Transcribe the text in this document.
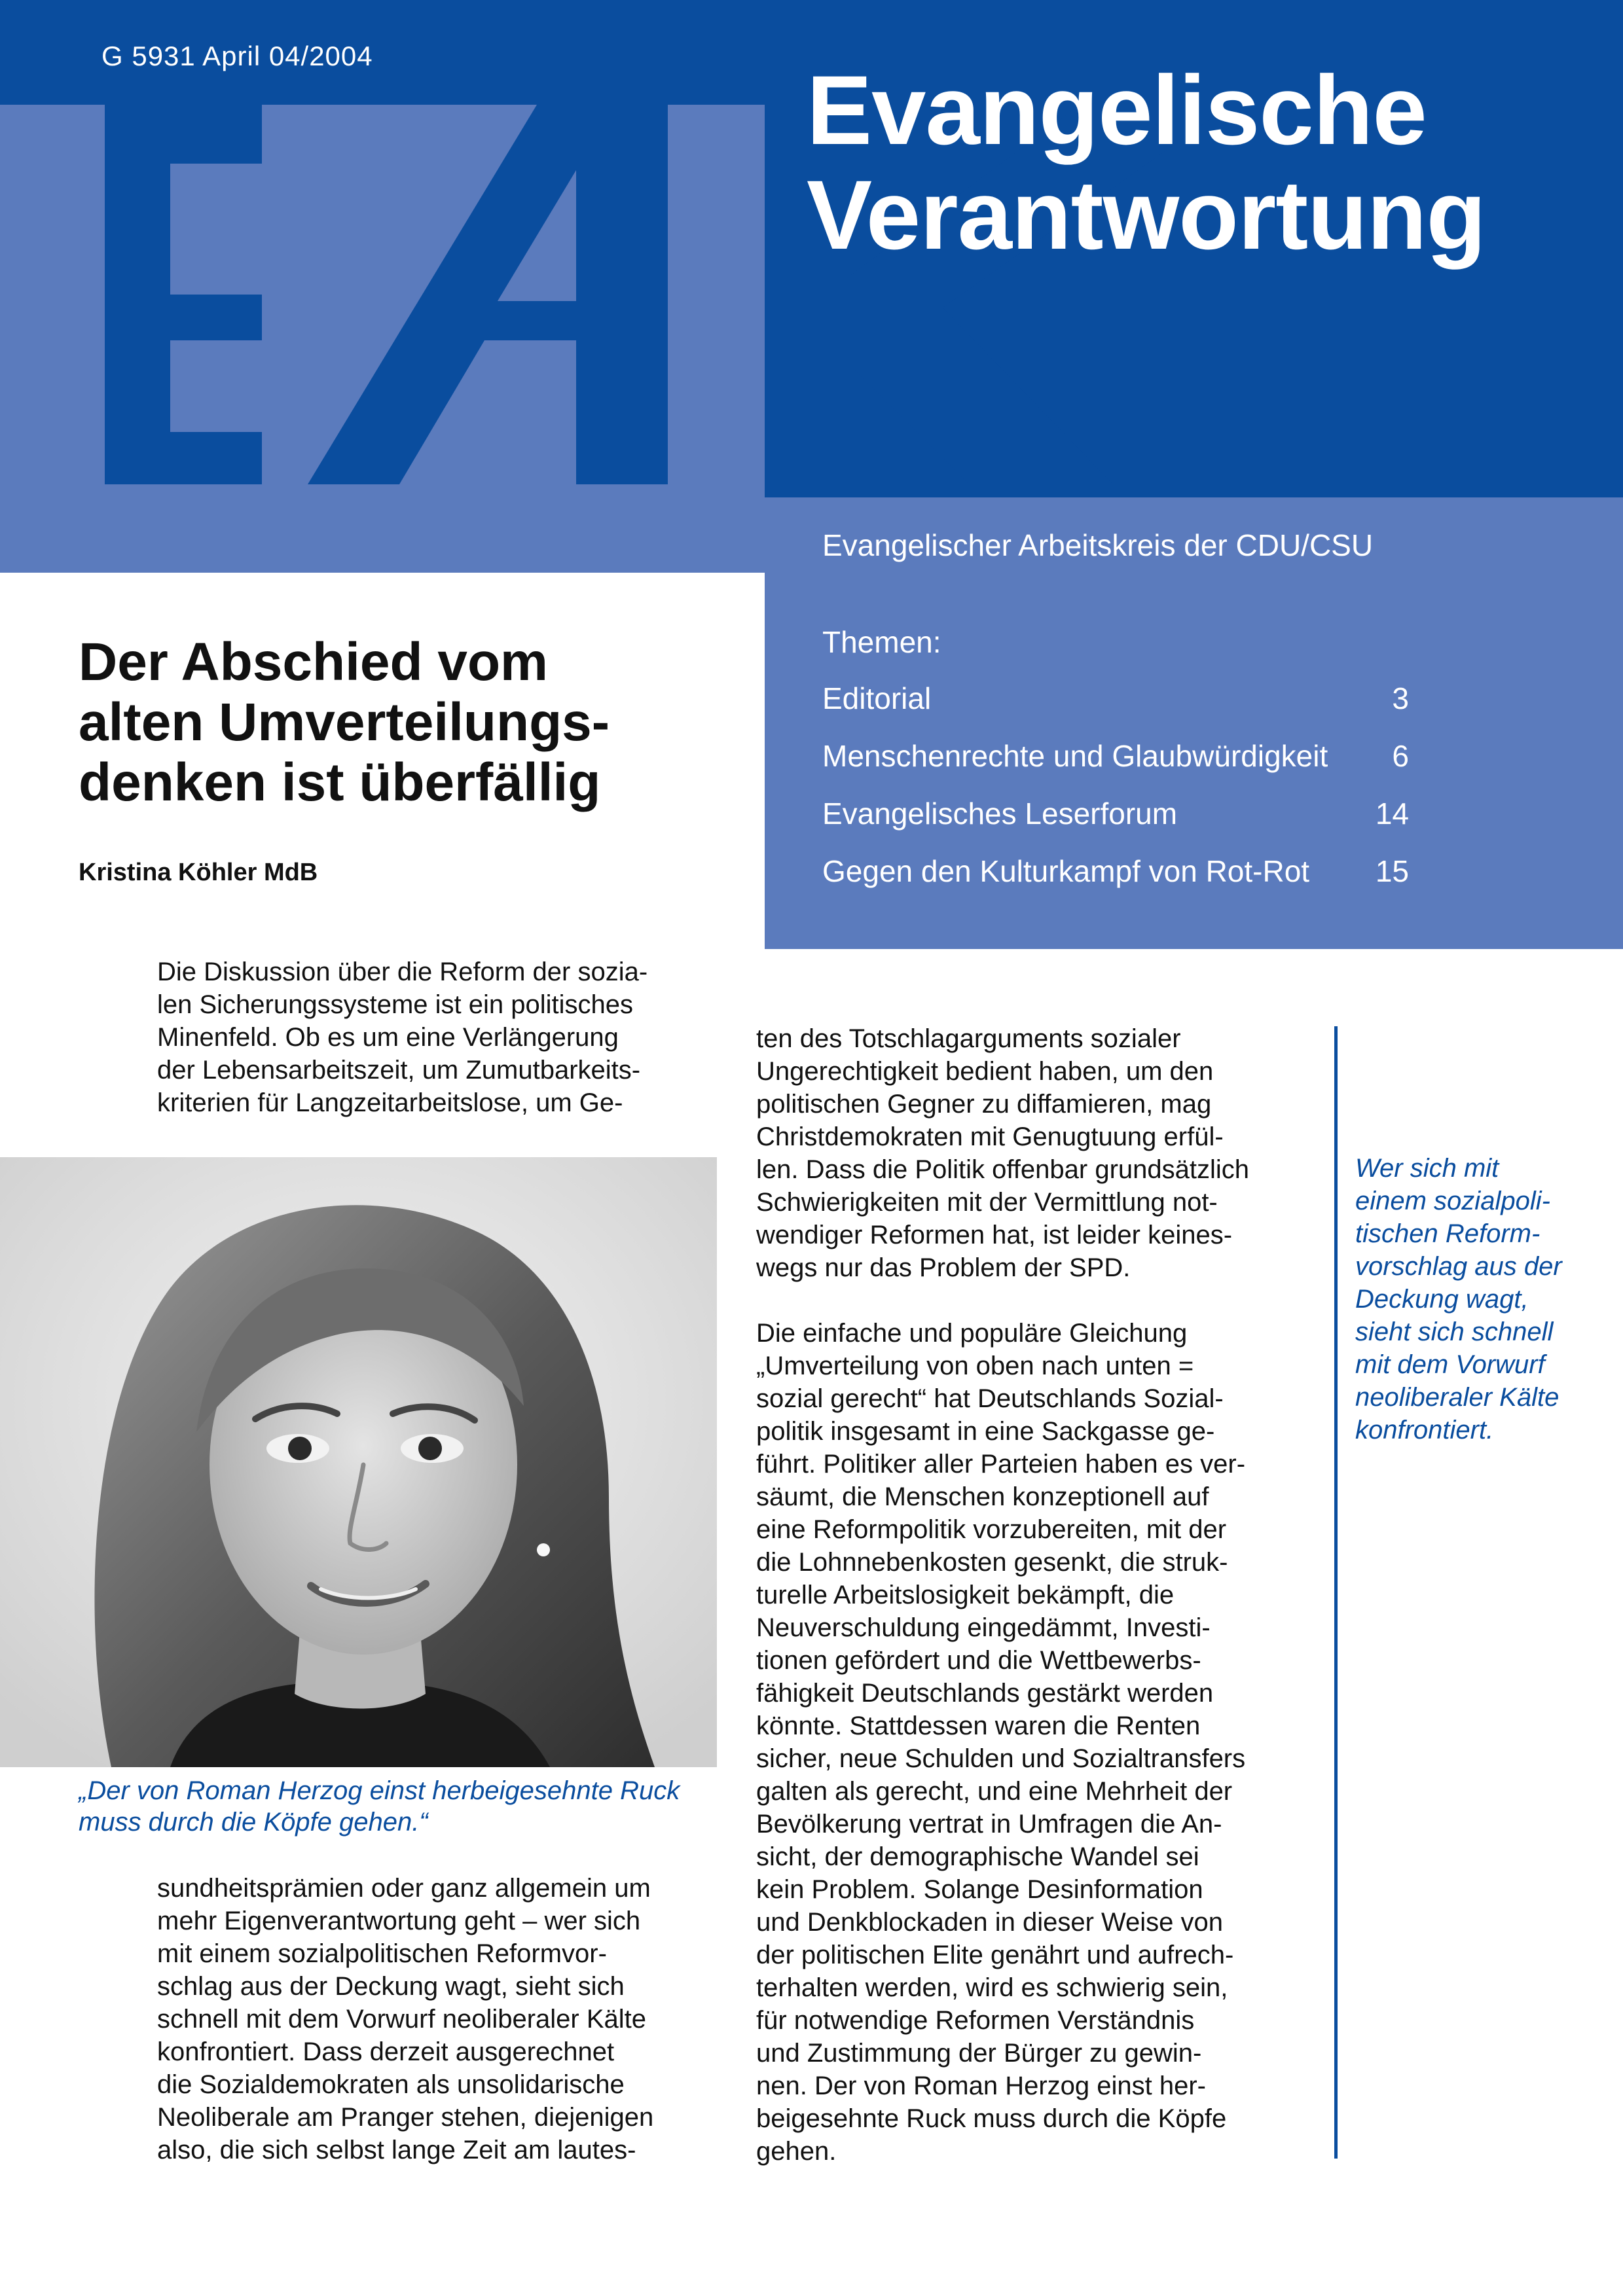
G 5931 April 04/2004	Evangelische
Verantwortung
Evangelischer Arbeitskreis der CDU/CSU
Themen:
Editorial	3
Menschenrechte und Glaubwürdigkeit 6
Evangelisches Leserforum	14
Gegen den Kulturkampf von Rot-Rot 15
Der Abschied vom
alten Umverteilungs-
denken ist überfällig
Kristina Köhler MdB
Die Diskussion über die Reform der sozia-
len Sicherungssysteme ist ein politisches
Minenfeld. Ob es um eine Verlängerung
der Lebensarbeitszeit, um Zumutbarkeits-
kriterien für Langzeitarbeitslose, um Ge-
„Der von Roman Herzog einst herbeigesehnte Ruck
muss durch die Köpfe gehen.“
sundheitsprämien oder ganz allgemein um
mehr Eigenverantwortung geht – wer sich
mit einem sozialpolitischen Reformvor-
schlag aus der Deckung wagt, sieht sich
schnell mit dem Vorwurf neoliberaler Kälte
konfrontiert. Dass derzeit ausgerechnet
die Sozialdemokraten als unsolidarische
Neoliberale am Pranger stehen, diejenigen
also, die sich selbst lange Zeit am lautes-

ten des Totschlagarguments sozialer
Ungerechtigkeit bedient haben, um den
politischen Gegner zu diffamieren, mag
Christdemokraten mit Genugtuung erfül-
len. Dass die Politik offenbar grundsätzlich
Schwierigkeiten mit der Vermittlung not-
wendiger Reformen hat, ist leider keines-
wegs nur das Problem der SPD.

Die einfache und populäre Gleichung
„Umverteilung von oben nach unten =
sozial gerecht“ hat Deutschlands Sozial-
politik insgesamt in eine Sackgasse ge-
führt. Politiker aller Parteien haben es ver-
säumt, die Menschen konzeptionell auf
eine Reformpolitik vorzubereiten, mit der
die Lohnnebenkosten gesenkt, die struk-
turelle Arbeitslosigkeit bekämpft, die
Neuverschuldung eingedämmt, Investi-
tionen gefördert und die Wettbewerbs-
fähigkeit Deutschlands gestärkt werden
könnte. Stattdessen waren die Renten
sicher, neue Schulden und Sozialtransfers
galten als gerecht, und eine Mehrheit der
Bevölkerung vertrat in Umfragen die An-
sicht, der demographische Wandel sei
kein Problem. Solange Desinformation
und Denkblockaden in dieser Weise von
der politischen Elite genährt und aufrech-
terhalten werden, wird es schwierig sein,
für notwendige Reformen Verständnis
und Zustimmung der Bürger zu gewin-
nen. Der von Roman Herzog einst her-
beigesehnte Ruck muss durch die Köpfe
gehen.

Wer sich mit
einem sozialpoli-
tischen Reform-
vorschlag aus der
Deckung wagt,
sieht sich schnell
mit dem Vorwurf
neoliberaler Kälte
konfrontiert.
